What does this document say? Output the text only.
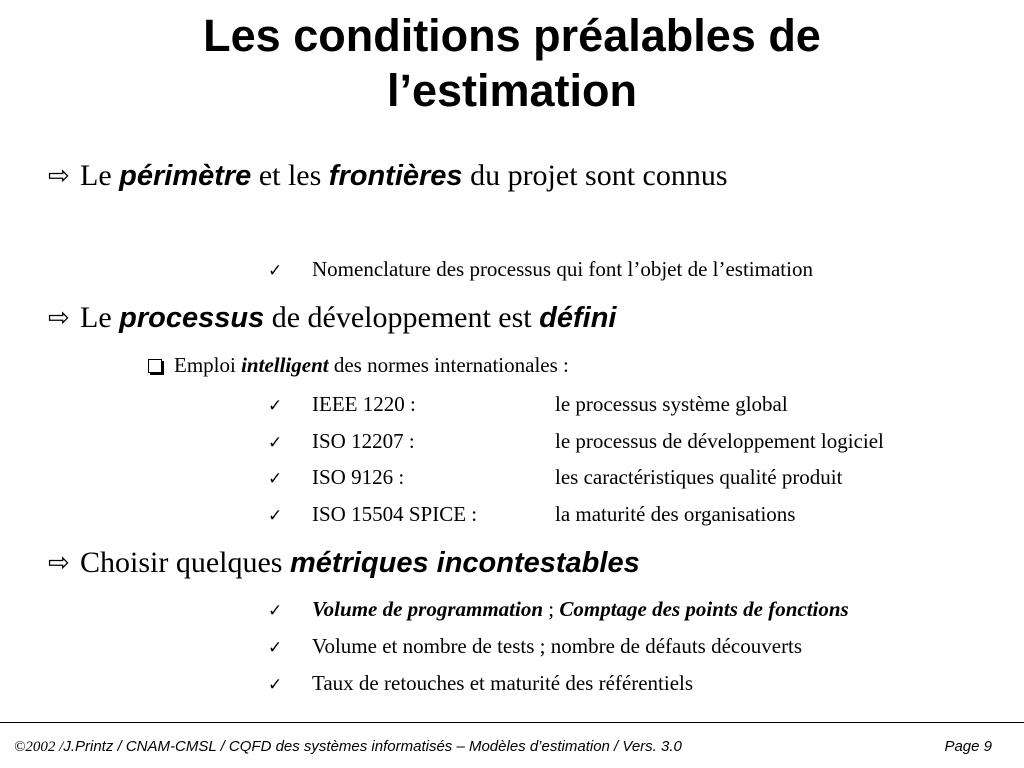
Les conditions préalables de
l’estimation
⇨ Le périmètre et les frontières du projet sont connus
✓ Nomenclature des processus qui font l’objet de l’estimation
⇨ Le processus de développement est défini
Emploi intelligent des normes internationales :
✓ IEEE 1220 :	le processus système global
✓ ISO 12207 :	le processus de développement logiciel
✓ ISO 9126 :	les caractéristiques qualité produit
✓ ISO 15504 SPICE :	la maturité des organisations
⇨ Choisir quelques métriques incontestables
✓ Volume de programmation ; Comptage des points de fonctions
✓ Volume et nombre de tests ; nombre de défauts découverts
✓ Taux de retouches et maturité des référentiels
©2002 /J.Printz / CNAM-CMSL / CQFD des systèmes informatisés – Modèles d’estimation / Vers. 3.0	Page 9
